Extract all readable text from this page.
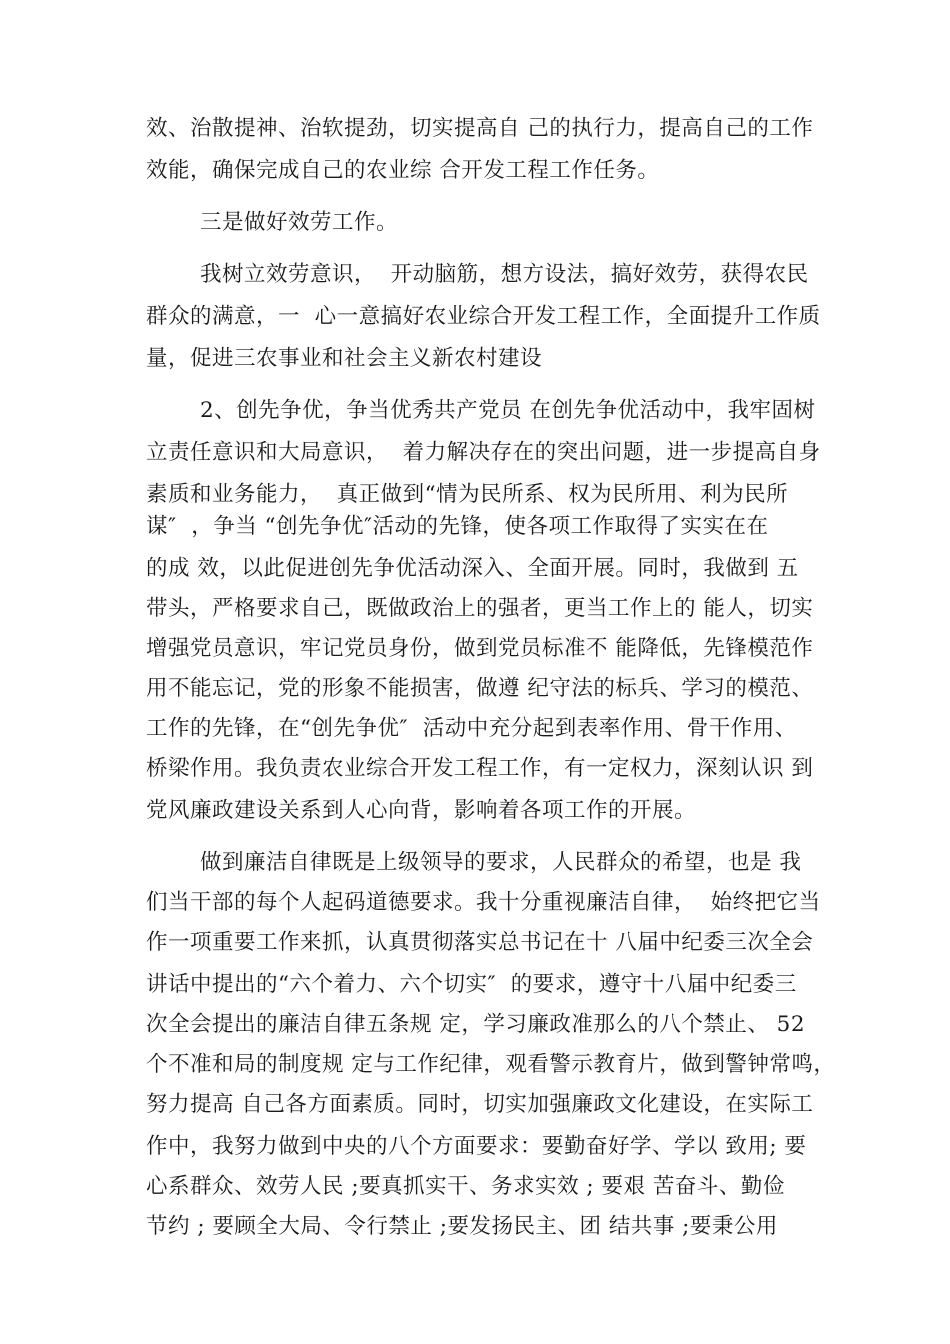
效、治散提神、治软提劲，切实提高自 己的执行力，提高自己的工作
效能，确保完成自己的农业综 合开发工程工作任务。
三是做好效劳工作。
我树立效劳意识，  开动脑筋，想方设法，搞好效劳，获得农民
群众的满意，一  心一意搞好农业综合开发工程工作，全面提升工作质
量，促进三农事业和社会主义新农村建设
2、创先争优，争当优秀共产党员 在创先争优活动中，我牢固树
立责任意识和大局意识，  着力解决存在的突出问题，进一步提高自身
素质和业务能力，  真正做到“情为民所系、权为民所用、利为民所
谋″  ，争当 “创先争优″活动的先锋，使各项工作取得了实实在在
的成 效，以此促进创先争优活动深入、全面开展。同时，我做到 五
带头，严格要求自己，既做政治上的强者，更当工作上的 能人，切实
增强党员意识，牢记党员身份，做到党员标准不 能降低，先锋模范作
用不能忘记，党的形象不能损害，做遵 纪守法的标兵、学习的模范、
工作的先锋，在“创先争优″  活动中充分起到表率作用、骨干作用、
桥梁作用。我负责农业综合开发工程工作，有一定权力，深刻认识 到
党风廉政建设关系到人心向背，影响着各项工作的开展。
做到廉洁自律既是上级领导的要求，人民群众的希望，也是 我
们当干部的每个人起码道德要求。我十分重视廉洁自律，  始终把它当
作一项重要工作来抓，认真贯彻落实总书记在十 八届中纪委三次全会
讲话中提出的“六个着力、六个切实″  的要求，遵守十八届中纪委三
次全会提出的廉洁自律五条规 定，学习廉政准那么的八个禁止、 52
个不准和局的制度规 定与工作纪律，观看警示教育片，做到警钟常鸣，
努力提高 自己各方面素质。同时，切实加强廉政文化建设，在实际工
作中，我努力做到中央的八个方面要求：要勤奋好学、学以 致用; 要
心系群众、效劳人民 ;要真抓实干、务求实效 ; 要艰 苦奋斗、勤俭
节约 ; 要顾全大局、令行禁止 ;要发扬民主、团 结共事 ;要秉公用
